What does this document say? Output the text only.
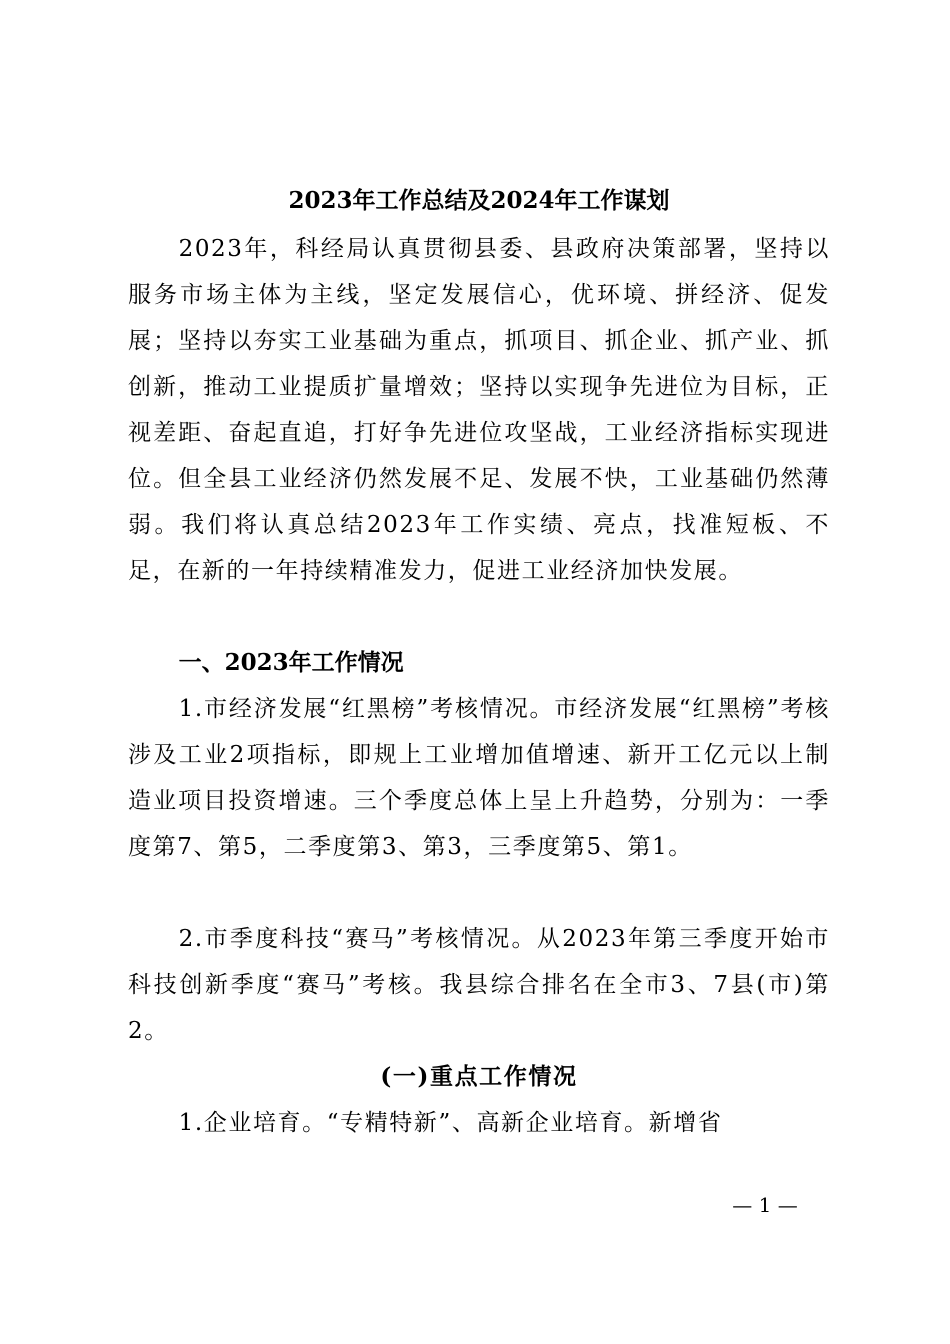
2023年工作总结及2024年工作谋划

2023年，科经局认真贯彻县委、县政府决策部署，坚持以服务市场主体为主线，坚定发展信心，优环境、拼经济、促发展；坚持以夯实工业基础为重点，抓项目、抓企业、抓产业、抓创新，推动工业提质扩量增效；坚持以实现争先进位为目标，正视差距、奋起直追，打好争先进位攻坚战，工业经济指标实现进位。但全县工业经济仍然发展不足、发展不快，工业基础仍然薄弱。我们将认真总结2023年工作实绩、亮点，找准短板、不足，在新的一年持续精准发力，促进工业经济加快发展。

一、2023年工作情况

1.市经济发展“红黑榜”考核情况。市经济发展“红黑榜”考核涉及工业2项指标，即规上工业增加值增速、新开工亿元以上制造业项目投资增速。三个季度总体上呈上升趋势，分别为：一季度第7、第5，二季度第3、第3，三季度第5、第1。

2.市季度科技“赛马”考核情况。从2023年第三季度开始市科技创新季度“赛马”考核。我县综合排名在全市3、7县(市)第2。

(一)重点工作情况

1.企业培育。“专精特新”、高新企业培育。新增省

— 1 —
